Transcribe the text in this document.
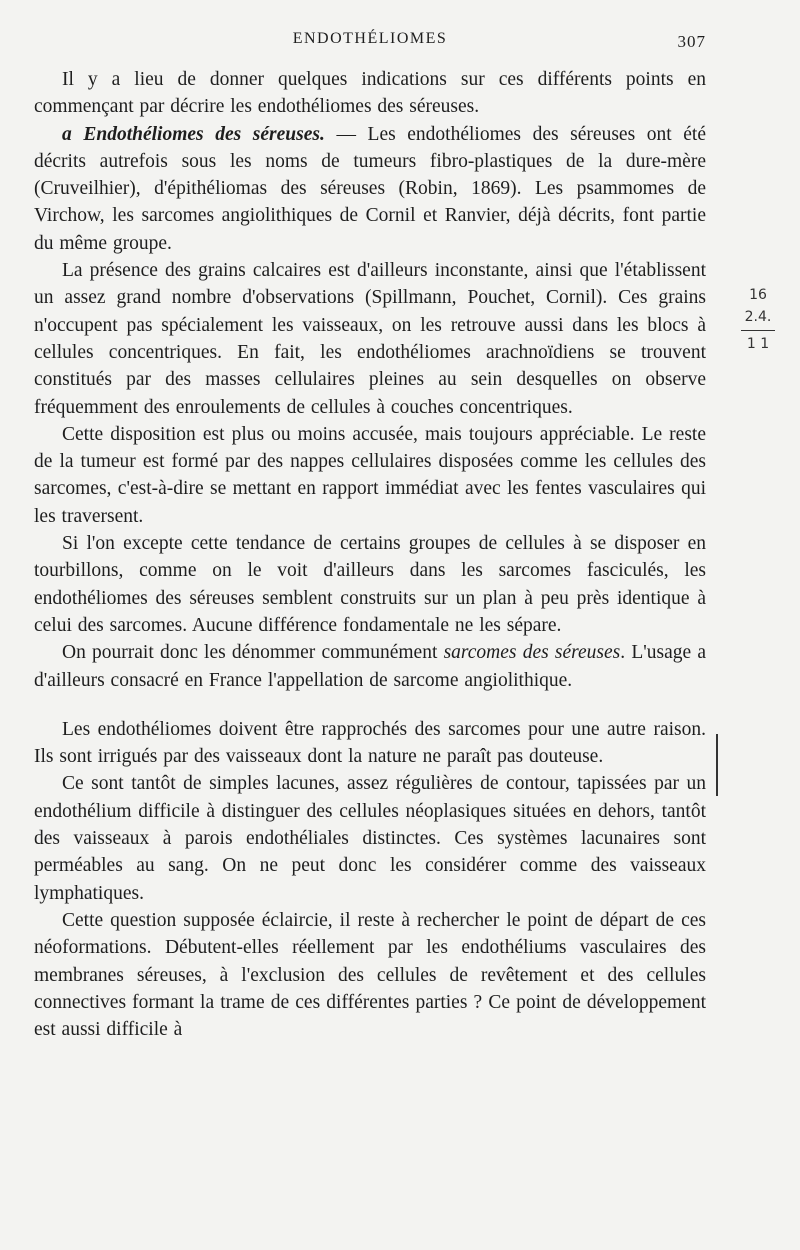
ENDOTHÉLIOMES	307

Il y a lieu de donner quelques indications sur ces différents points en commençant par décrire les endothéliomes des séreuses.

a Endothéliomes des séreuses. — Les endothéliomes des séreuses ont été décrits autrefois sous les noms de tumeurs fibro-plastiques de la dure-mère (Cruveilhier), d'épithéliomas des séreuses (Robin, 1869). Les psammomes de Virchow, les sarcomes angiolithiques de Cornil et Ranvier, déjà décrits, font partie du même groupe.

La présence des grains calcaires est d'ailleurs inconstante, ainsi que l'établissent un assez grand nombre d'observations (Spillmann, Pouchet, Cornil). Ces grains n'occupent pas spécialement les vaisseaux, on les retrouve aussi dans les blocs à cellules concentriques. En fait, les endothéliomes arachnoïdiens se trouvent constitués par des masses cellulaires pleines au sein desquelles on observe fréquemment des enroulements de cellules à couches concentriques.

Cette disposition est plus ou moins accusée, mais toujours appréciable. Le reste de la tumeur est formé par des nappes cellulaires disposées comme les cellules des sarcomes, c'est-à-dire se mettant en rapport immédiat avec les fentes vasculaires qui les traversent.

Si l'on excepte cette tendance de certains groupes de cellules à se disposer en tourbillons, comme on le voit d'ailleurs dans les sarcomes fasciculés, les endothéliomes des séreuses semblent construits sur un plan à peu près identique à celui des sarcomes. Aucune différence fondamentale ne les sépare.

On pourrait donc les dénommer communément sarcomes des séreuses. L'usage a d'ailleurs consacré en France l'appellation de sarcome angiolithique.

Les endothéliomes doivent être rapprochés des sarcomes pour une autre raison. Ils sont irrigués par des vaisseaux dont la nature ne paraît pas douteuse.

Ce sont tantôt de simples lacunes, assez régulières de contour, tapissées par un endothélium difficile à distinguer des cellules néoplasiques situées en dehors, tantôt des vaisseaux à parois endothéliales distinctes. Ces systèmes lacunaires sont perméables au sang. On ne peut donc les considérer comme des vaisseaux lymphatiques.

Cette question supposée éclaircie, il reste à rechercher le point de départ de ces néoformations. Débutent-elles réellement par les endothéliums vasculaires des membranes séreuses, à l'exclusion des cellules de revêtement et des cellules connectives formant la trame de ces différentes parties ? Ce point de développement est aussi difficile à

16
2.4.
1 1
